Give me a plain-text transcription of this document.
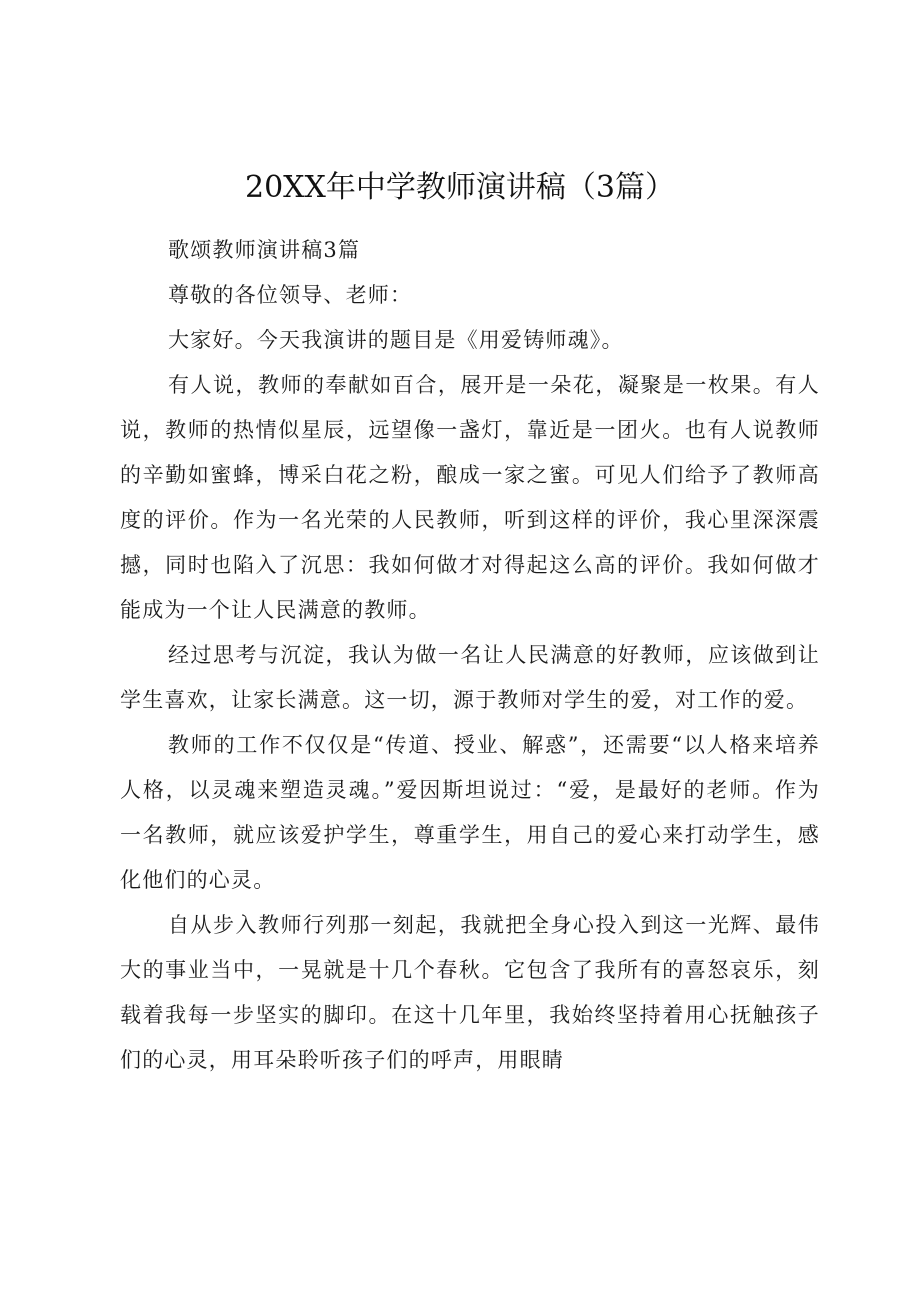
20XX年中学教师演讲稿（3篇）

歌颂教师演讲稿3篇

尊敬的各位领导、老师：

大家好。今天我演讲的题目是《用爱铸师魂》。

有人说，教师的奉献如百合，展开是一朵花，凝聚是一枚果。有人说，教师的热情似星辰，远望像一盏灯，靠近是一团火。也有人说教师的辛勤如蜜蜂，博采白花之粉，酿成一家之蜜。可见人们给予了教师高度的评价。作为一名光荣的人民教师，听到这样的评价，我心里深深震撼，同时也陷入了沉思：我如何做才对得起这么高的评价。我如何做才能成为一个让人民满意的教师。

经过思考与沉淀，我认为做一名让人民满意的好教师，应该做到让学生喜欢，让家长满意。这一切，源于教师对学生的爱，对工作的爱。

教师的工作不仅仅是“传道、授业、解惑”，还需要“以人格来培养人格，以灵魂来塑造灵魂。”爱因斯坦说过：“爱，是最好的老师。作为一名教师，就应该爱护学生，尊重学生，用自己的爱心来打动学生，感化他们的心灵。

自从步入教师行列那一刻起，我就把全身心投入到这一光辉、最伟大的事业当中，一晃就是十几个春秋。它包含了我所有的喜怒哀乐，刻载着我每一步坚实的脚印。在这十几年里，我始终坚持着用心抚触孩子们的心灵，用耳朵聆听孩子们的呼声，用眼睛
